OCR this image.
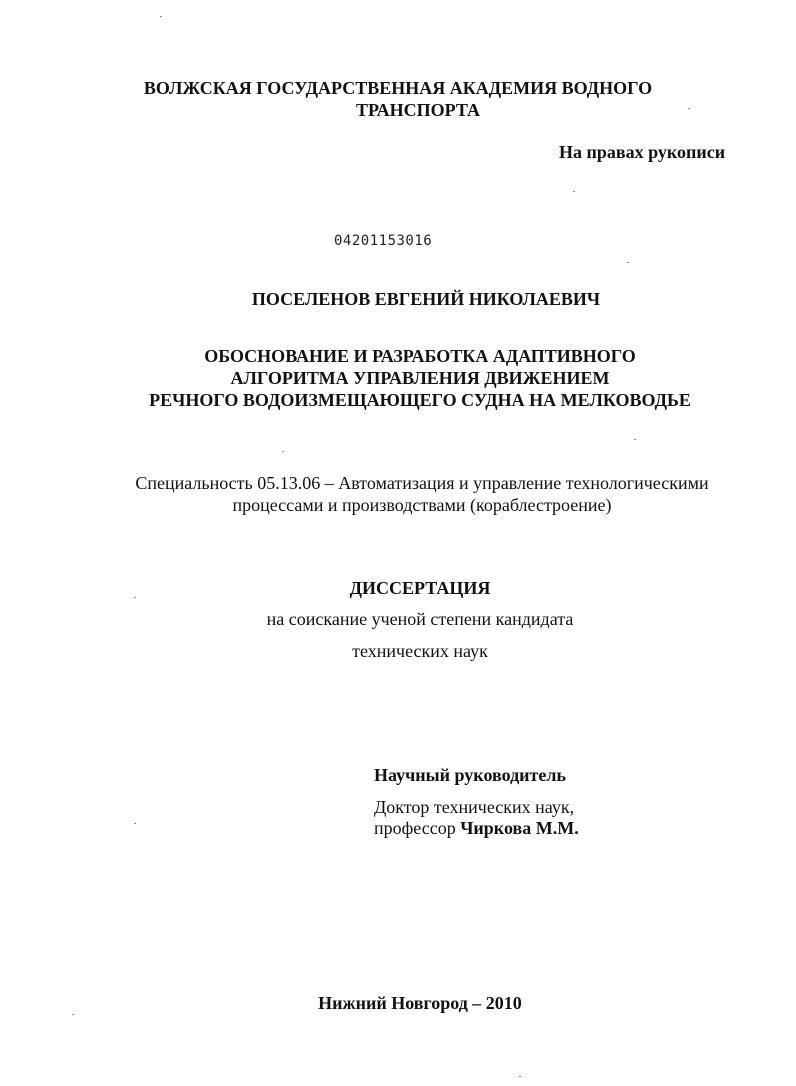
ВОЛЖСКАЯ ГОСУДАРСТВЕННАЯ АКАДЕМИЯ ВОДНОГО
ТРАНСПОРТА
На правах рукописи
04201153016
ПОСЕЛЕНОВ ЕВГЕНИЙ НИКОЛАЕВИЧ
ОБОСНОВАНИЕ И РАЗРАБОТКА АДАПТИВНОГО
АЛГОРИТМА УПРАВЛЕНИЯ ДВИЖЕНИЕМ
РЕЧНОГО ВОДОИЗМЕЩАЮЩЕГО СУДНА НА МЕЛКОВОДЬЕ
Специальность 05.13.06 – Автоматизация и управление технологическими
процессами и производствами (кораблестроение)
ДИССЕРТАЦИЯ
на соискание ученой степени кандидата
технических наук
Научный руководитель
Доктор технических наук,
профессор Чиркова М.М.
Нижний Новгород – 2010
